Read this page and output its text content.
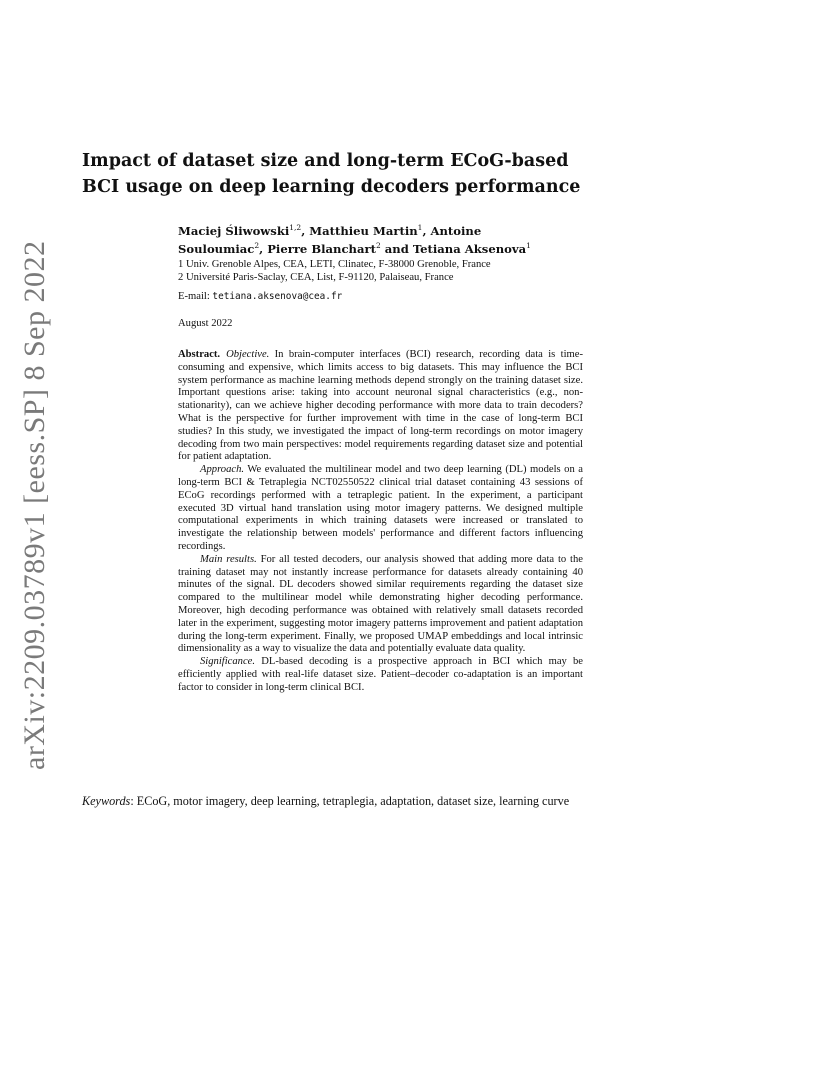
arXiv:2209.03789v1 [eess.SP] 8 Sep 2022
Impact of dataset size and long-term ECoG-based
BCI usage on deep learning decoders performance
Maciej Śliwowski$^{1,2}$, Matthieu Martin$^1$, Antoine
Souloumiac$^2$, Pierre Blanchart$^2$ and Tetiana Aksenova$^1$
1 Univ. Grenoble Alpes, CEA, LETI, Clinatec, F-38000 Grenoble, France
2 Université Paris-Saclay, CEA, List, F-91120, Palaiseau, France
E-mail: tetiana.aksenova@cea.fr
August 2022

Abstract. Objective. In brain-computer interfaces (BCI) research, recording data is time-consuming and expensive, which limits access to big datasets. This may influence the BCI system performance as machine learning methods depend strongly on the training dataset size. Important questions arise: taking into account neuronal signal characteristics (e.g., non-stationarity), can we achieve higher decoding performance with more data to train decoders? What is the perspective for further improvement with time in the case of long-term BCI studies? In this study, we investigated the impact of long-term recordings on motor imagery decoding from two main perspectives: model requirements regarding dataset size and potential for patient adaptation.

Approach. We evaluated the multilinear model and two deep learning (DL) models on a long-term BCI & Tetraplegia NCT02550522 clinical trial dataset containing 43 sessions of ECoG recordings performed with a tetraplegic patient. In the experiment, a participant executed 3D virtual hand translation using motor imagery patterns. We designed multiple computational experiments in which training datasets were increased or translated to investigate the relationship between models' performance and different factors influencing recordings.

Main results. For all tested decoders, our analysis showed that adding more data to the training dataset may not instantly increase performance for datasets already containing 40 minutes of the signal. DL decoders showed similar requirements regarding the dataset size compared to the multilinear model while demonstrating higher decoding performance. Moreover, high decoding performance was obtained with relatively small datasets recorded later in the experiment, suggesting motor imagery patterns improvement and patient adaptation during the long-term experiment. Finally, we proposed UMAP embeddings and local intrinsic dimensionality as a way to visualize the data and potentially evaluate data quality.

Significance. DL-based decoding is a prospective approach in BCI which may be efficiently applied with real-life dataset size. Patient–decoder co-adaptation is an important factor to consider in long-term clinical BCI.

Keywords: ECoG, motor imagery, deep learning, tetraplegia, adaptation, dataset size, learning curve
